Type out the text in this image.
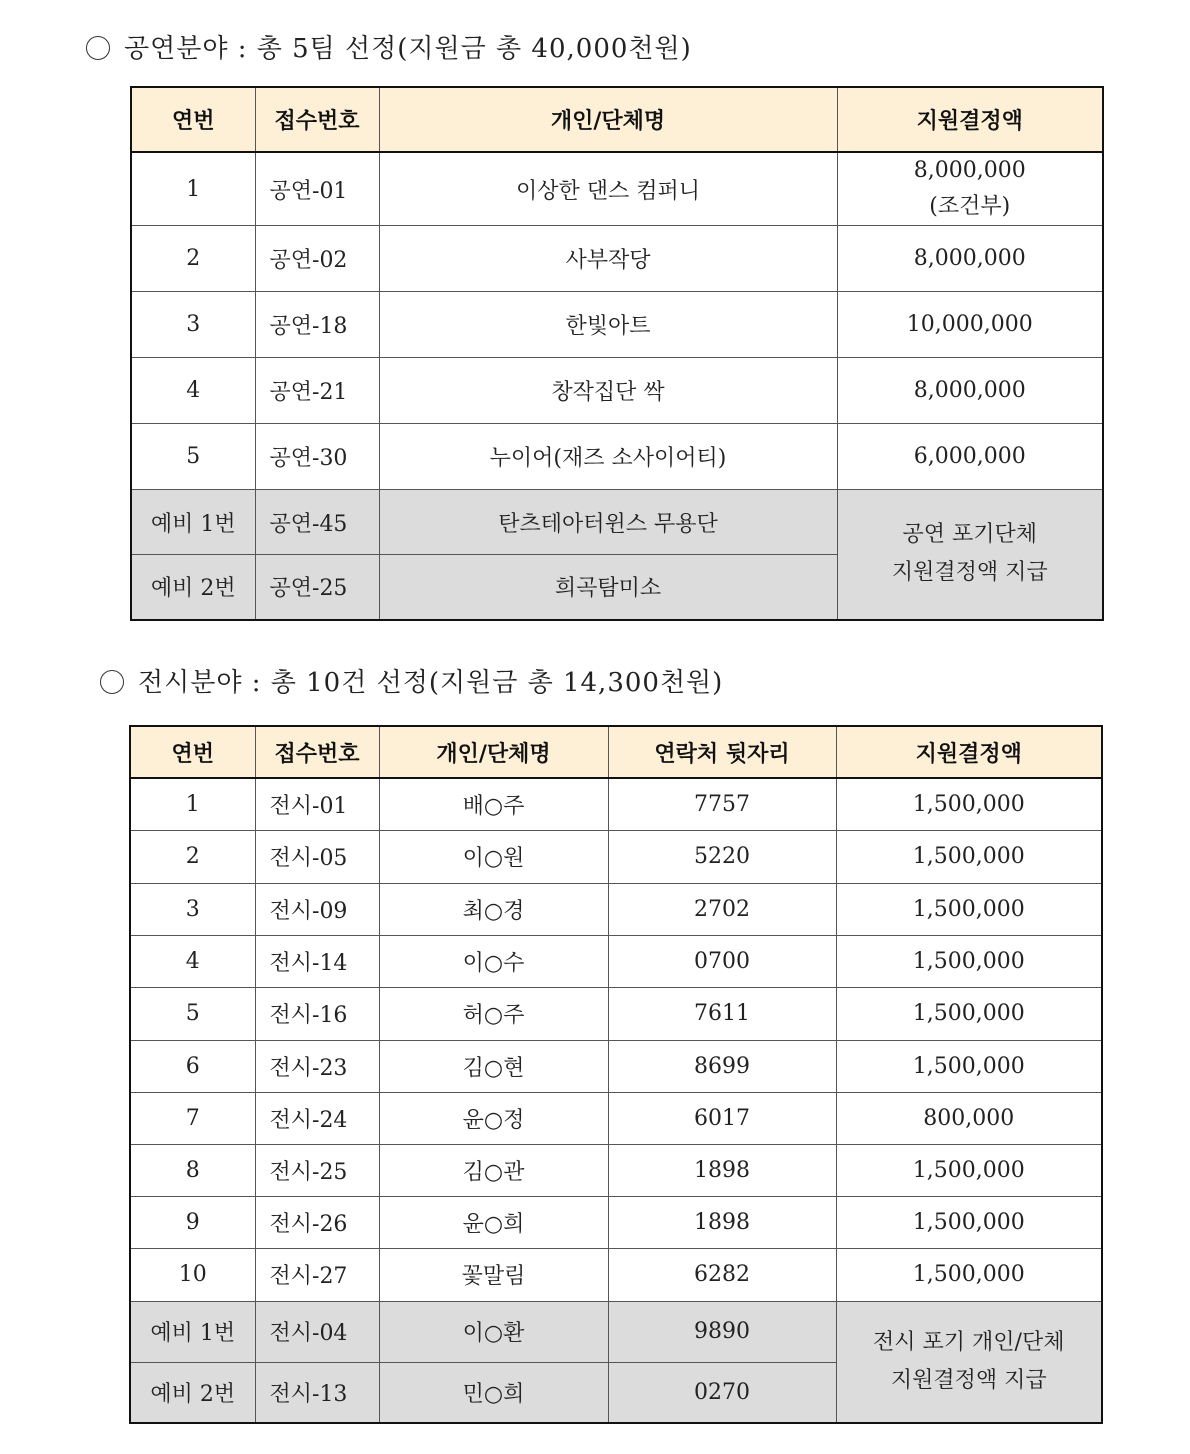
공연분야 : 총 5팀 선정(지원금 총 40,000천원)
연번	접수번호	개인/단체명	지원결정액
1	공연-01	이상한 댄스 컴퍼니	8,000,000
(조건부)

2	공연-02	사부작당	8,000,000
3	공연-18	한빛아트	10,000,000
4	공연-21	창작집단 싹	8,000,000
5	공연-30	누이어(재즈 소사이어티)	6,000,000
예비 1번	공연-45	탄츠테아터윈스 무용단	공연 포기단체
지원결정액 지급

예비 2번	공연-25	희곡탐미소	
전시분야 : 총 10건 선정(지원금 총 14,300천원)
연번	접수번호	개인/단체명	연락처 뒷자리	지원결정액
1	전시-01	배○주	7757	1,500,000
2	전시-05	이○원	5220	1,500,000
3	전시-09	최○경	2702	1,500,000
4	전시-14	이○수	0700	1,500,000
5	전시-16	허○주	7611	1,500,000
6	전시-23	김○현	8699	1,500,000
7	전시-24	윤○정	6017	800,000
8	전시-25	김○관	1898	1,500,000
9	전시-26	윤○희	1898	1,500,000
10	전시-27	꽃말림	6282	1,500,000
예비 1번	전시-04	이○환	9890	전시 포기 개인/단체
지원결정액 지급

예비 2번	전시-13	민○희	0270	
